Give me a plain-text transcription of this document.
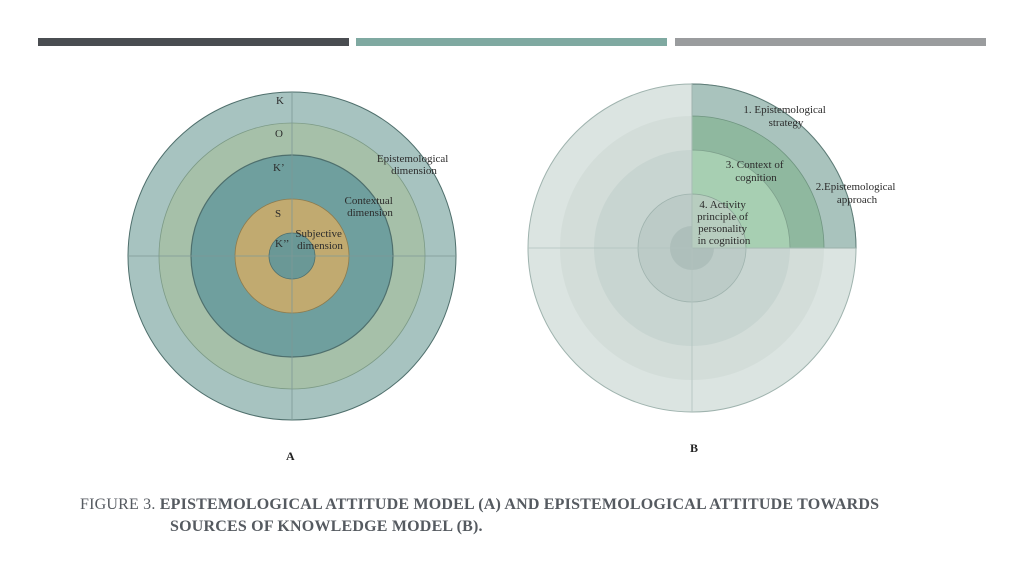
K
O
K’
S
K’’
Epistemological dimension
Contextual dimension
Subjective dimension
A
1. Epistemological strategy
3. Context of cognition
2.Epistemological approach
4. Activity principle of personality in cognition
B
FIGURE 3. EPISTEMOLOGICAL ATTITUDE MODEL (A) AND EPISTEMOLOGICAL ATTITUDE TOWARDS
SOURCES OF KNOWLEDGE MODEL (B).
